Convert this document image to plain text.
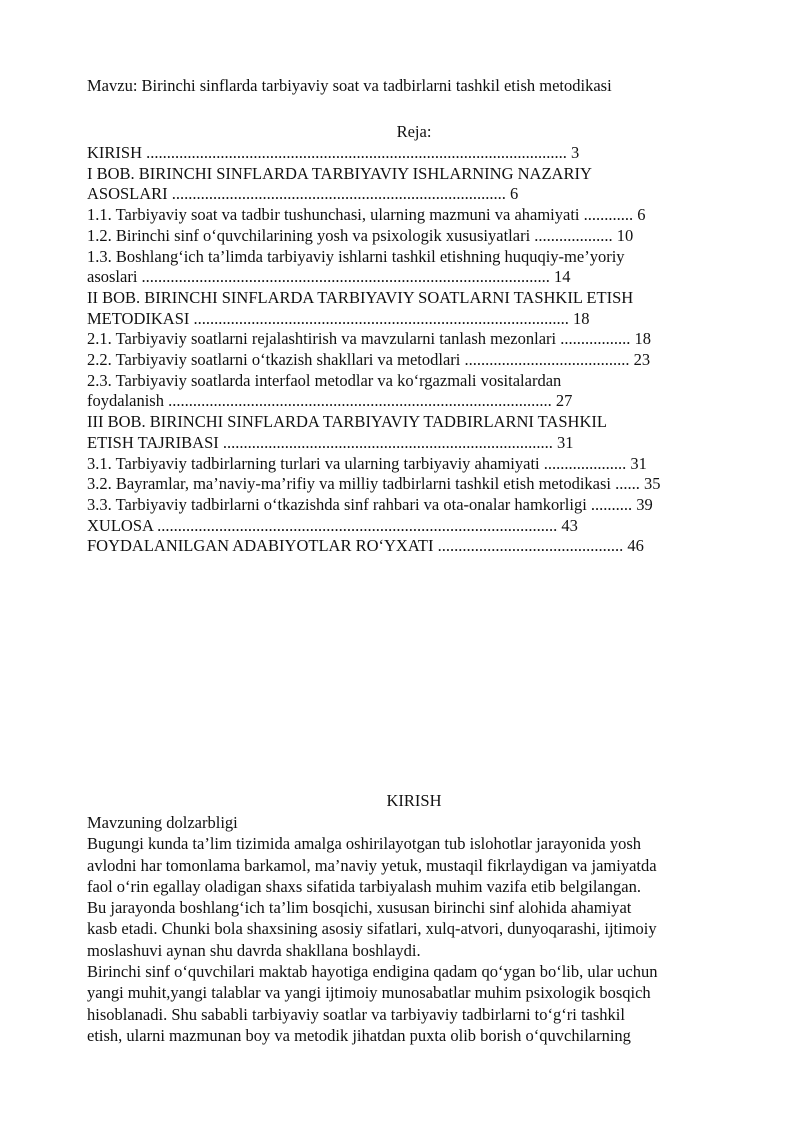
Mavzu: Birinchi sinflarda tarbiyaviy soat va tadbirlarni tashkil etish metodikasi
Reja:
KIRISH ...................................................................................................... 3
I BOB. BIRINCHI SINFLARDA TARBIYAVIY ISHLARNING NAZARIY
ASOSLARI ................................................................................. 6
1.1. Tarbiyaviy soat va tadbir tushunchasi, ularning mazmuni va ahamiyati ............ 6
1.2. Birinchi sinf o‘quvchilarining yosh va psixologik xususiyatlari ................... 10
1.3. Boshlang‘ich ta’limda tarbiyaviy ishlarni tashkil etishning huquqiy-me’yoriy
asoslari ................................................................................................... 14
II BOB. BIRINCHI SINFLARDA TARBIYAVIY SOATLARNI TASHKIL ETISH
METODIKASI ........................................................................................... 18
2.1. Tarbiyaviy soatlarni rejalashtirish va mavzularni tanlash mezonlari ................. 18
2.2. Tarbiyaviy soatlarni o‘tkazish shakllari va metodlari ........................................ 23
2.3. Tarbiyaviy soatlarda interfaol metodlar va ko‘rgazmali vositalardan
foydalanish ............................................................................................. 27
III BOB. BIRINCHI SINFLARDA TARBIYAVIY TADBIRLARNI TASHKIL
ETISH TAJRIBASI ................................................................................ 31
3.1. Tarbiyaviy tadbirlarning turlari va ularning tarbiyaviy ahamiyati .................... 31
3.2. Bayramlar, ma’naviy-ma’rifiy va milliy tadbirlarni tashkil etish metodikasi ...... 35
3.3. Tarbiyaviy tadbirlarni o‘tkazishda sinf rahbari va ota-onalar hamkorligi .......... 39
XULOSA ................................................................................................. 43
FOYDALANILGAN ADABIYOTLAR RO‘YXATI ............................................. 46
KIRISH
Mavzuning dolzarbligi
Bugungi kunda ta’lim tizimida amalga oshirilayotgan tub islohotlar jarayonida yosh
avlodni har tomonlama barkamol, ma’naviy yetuk, mustaqil fikrlaydigan va jamiyatda
faol o‘rin egallay oladigan shaxs sifatida tarbiyalash muhim vazifa etib belgilangan.
Bu jarayonda boshlang‘ich ta’lim bosqichi, xususan birinchi sinf alohida ahamiyat
kasb etadi. Chunki bola shaxsining asosiy sifatlari, xulq-atvori, dunyoqarashi, ijtimoiy
moslashuvi aynan shu davrda shakllana boshlaydi.
Birinchi sinf o‘quvchilari maktab hayotiga endigina qadam qo‘ygan bo‘lib, ular uchun
yangi muhit,yangi talablar va yangi ijtimoiy munosabatlar muhim psixologik bosqich
hisoblanadi. Shu sababli tarbiyaviy soatlar va tarbiyaviy tadbirlarni to‘g‘ri tashkil
etish, ularni mazmunan boy va metodik jihatdan puxta olib borish o‘quvchilarning
